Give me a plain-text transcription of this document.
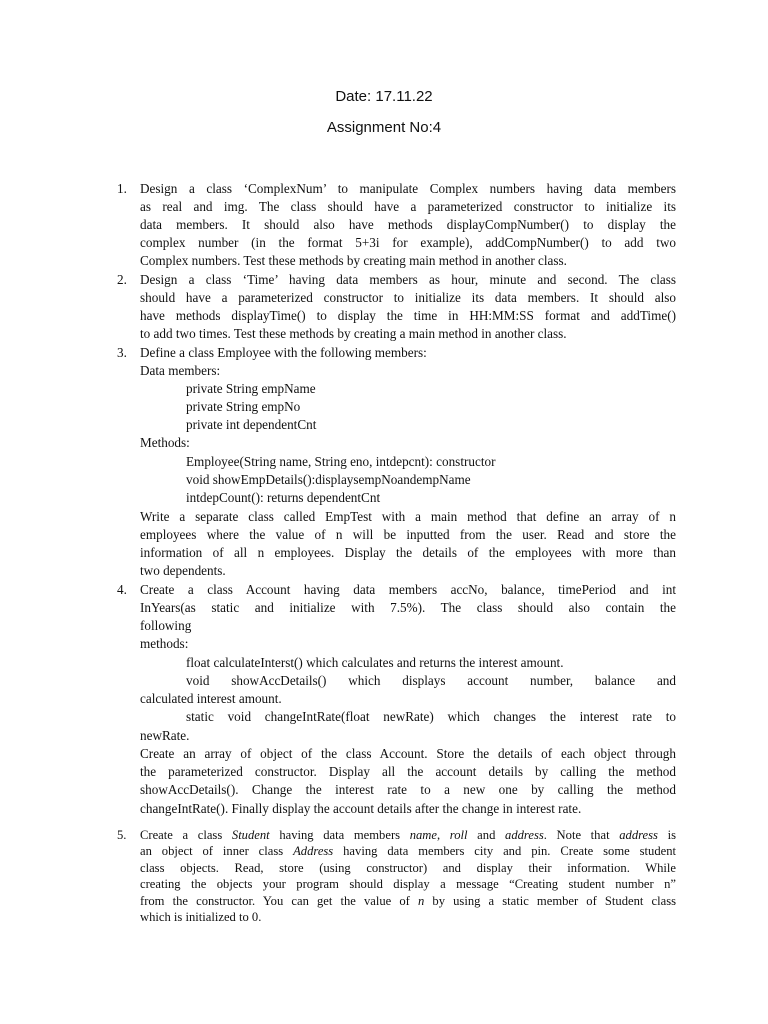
Date: 17.11.22
Assignment No:4
1. Design a class ‘ComplexNum’ to manipulate Complex numbers having data members
as real and img. The class should have a parameterized constructor to initialize its
data members. It should also have methods displayCompNumber() to display the
complex number (in the format 5+3i for example), addCompNumber() to add two
Complex numbers. Test these methods by creating main method in another class.
2. Design a class ‘Time’ having data members as hour, minute and second. The class
should have a parameterized constructor to initialize its data members. It should also
have methods displayTime() to display the time in HH:MM:SS format and addTime()
to add two times. Test these methods by creating a main method in another class.
3. Define a class Employee with the following members:
Data members:
private String empName
private String empNo
private int dependentCnt
Methods:
Employee(String name, String eno, intdepcnt): constructor
void showEmpDetails():displaysempNoandempName
intdepCount(): returns dependentCnt
Write a separate class called EmpTest with a main method that define an array of n
employees where the value of n will be inputted from the user. Read and store the
information of all n employees. Display the details of the employees with more than
two dependents.
4. Create a class Account having data members accNo, balance, timePeriod and int
InYears(as static and initialize with 7.5%). The class should also contain the
following
methods:
float calculateInterst() which calculates and returns the interest amount.
void showAccDetails() which displays account number, balance and
calculated interest amount.
static void changeIntRate(float newRate) which changes the interest rate to
newRate.
Create an array of object of the class Account. Store the details of each object through
the parameterized constructor. Display all the account details by calling the method
showAccDetails(). Change the interest rate to a new one by calling the method
changeIntRate(). Finally display the account details after the change in interest rate.
5. Create a class Student having data members name, roll and address. Note that address is
an object of inner class Address having data members city and pin. Create some student
class objects. Read, store (using constructor) and display their information. While
creating the objects your program should display a message “Creating student number n”
from the constructor. You can get the value of n by using a static member of Student class
which is initialized to 0.
